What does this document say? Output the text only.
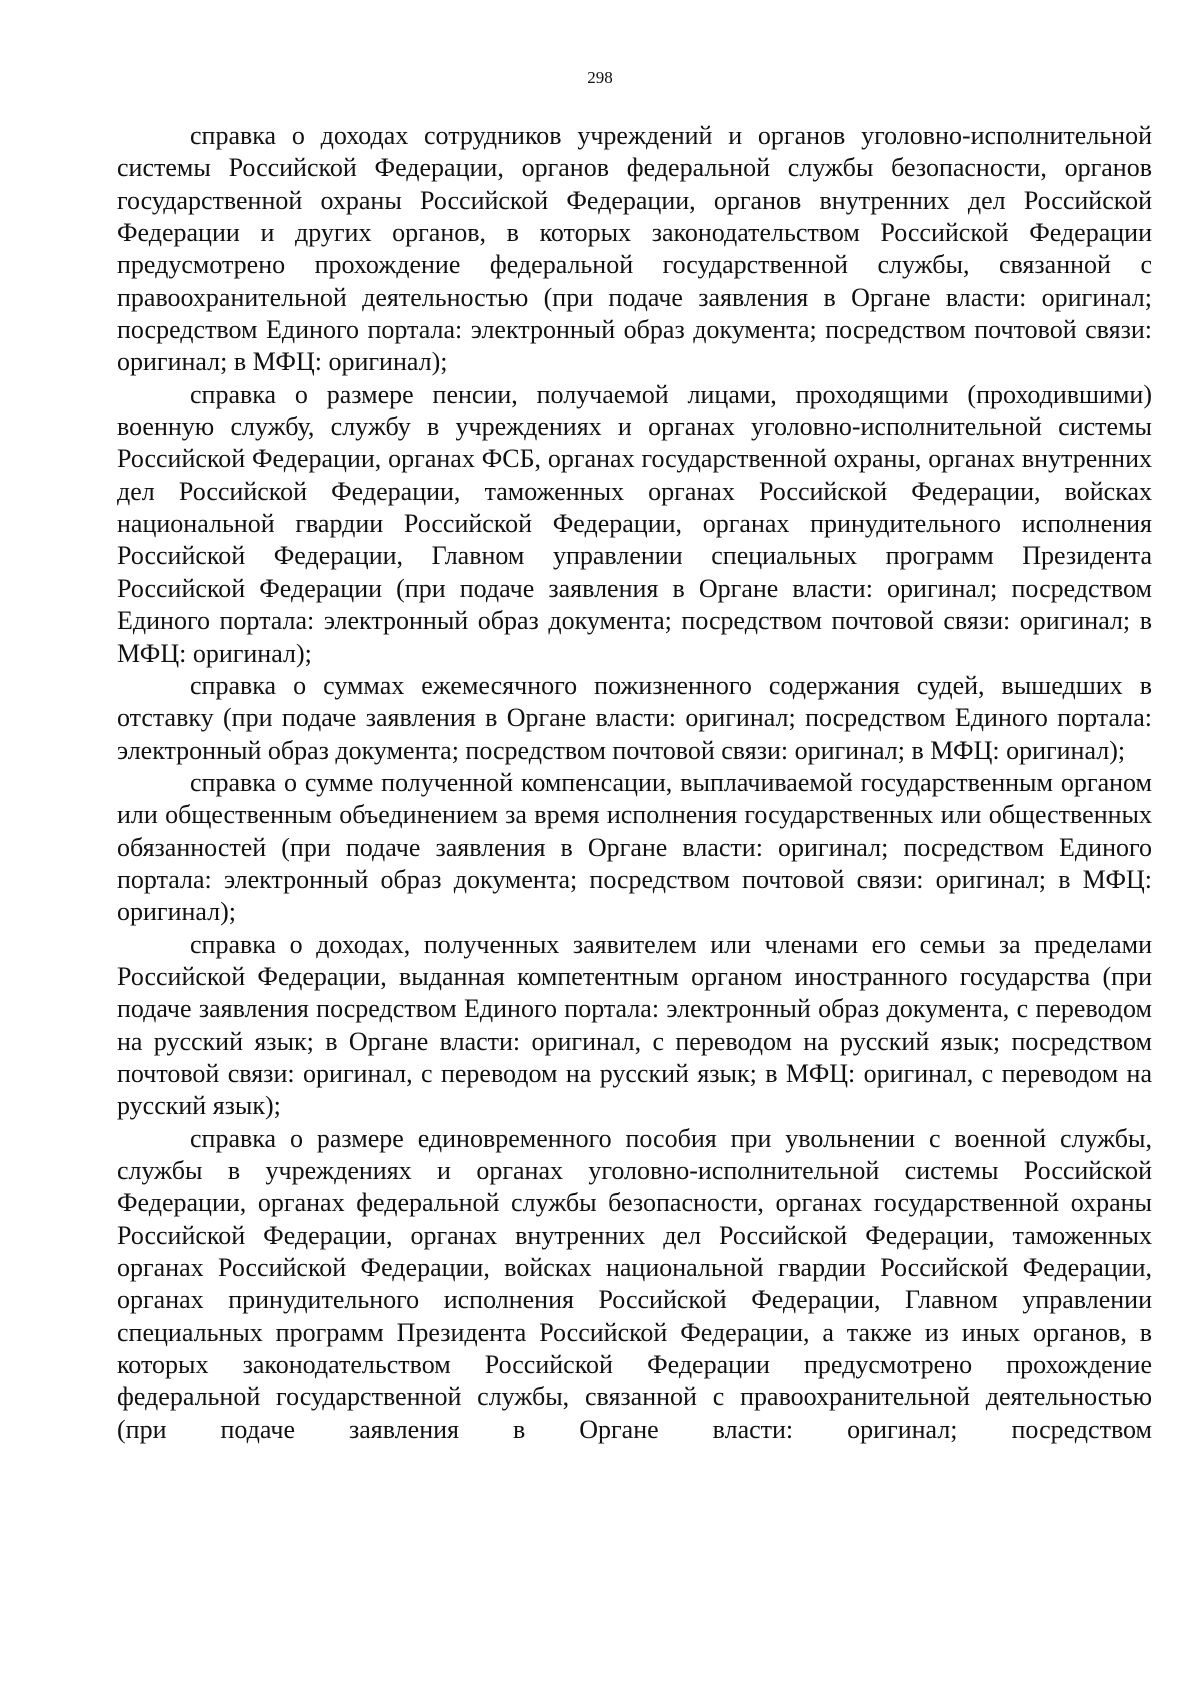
298

справка о доходах сотрудников учреждений и органов уголовно-исполнительной системы Российской Федерации, органов федеральной службы безопасности, органов государственной охраны Российской Федерации, органов внутренних дел Российской Федерации и других органов, в которых законодательством Российской Федерации предусмотрено прохождение федеральной государственной службы, связанной с правоохранительной деятельностью (при подаче заявления в Органе власти: оригинал; посредством Единого портала: электронный образ документа; посредством почтовой связи: оригинал; в МФЦ: оригинал);

справка о размере пенсии, получаемой лицами, проходящими (проходившими) военную службу, службу в учреждениях и органах уголовно-исполнительной системы Российской Федерации, органах ФСБ, органах государственной охраны, органах внутренних дел Российской Федерации, таможенных органах Российской Федерации, войсках национальной гвардии Российской Федерации, органах принудительного исполнения Российской Федерации, Главном управлении специальных программ Президента Российской Федерации (при подаче заявления в Органе власти: оригинал; посредством Единого портала: электронный образ документа; посредством почтовой связи: оригинал; в МФЦ: оригинал);

справка о суммах ежемесячного пожизненного содержания судей, вышедших в отставку (при подаче заявления в Органе власти: оригинал; посредством Единого портала: электронный образ документа; посредством почтовой связи: оригинал; в МФЦ: оригинал);

справка о сумме полученной компенсации, выплачиваемой государственным органом или общественным объединением за время исполнения государственных или общественных обязанностей (при подаче заявления в Органе власти: оригинал; посредством Единого портала: электронный образ документа; посредством почтовой связи: оригинал; в МФЦ: оригинал);

справка о доходах, полученных заявителем или членами его семьи за пределами Российской Федерации, выданная компетентным органом иностранного государства (при подаче заявления посредством Единого портала: электронный образ документа, с переводом на русский язык; в Органе власти: оригинал, с переводом на русский язык; посредством почтовой связи: оригинал, с переводом на русский язык; в МФЦ: оригинал, с переводом на русский язык);

справка о размере единовременного пособия при увольнении с военной службы, службы в учреждениях и органах уголовно-исполнительной системы Российской Федерации, органах федеральной службы безопасности, органах государственной охраны Российской Федерации, органах внутренних дел Российской Федерации, таможенных органах Российской Федерации, войсках национальной гвардии Российской Федерации, органах принудительного исполнения Российской Федерации, Главном управлении специальных программ Президента Российской Федерации, а также из иных органов, в которых законодательством Российской Федерации предусмотрено прохождение федеральной государственной службы, связанной с правоохранительной деятельностью (при подаче заявления в Органе власти: оригинал; посредством
